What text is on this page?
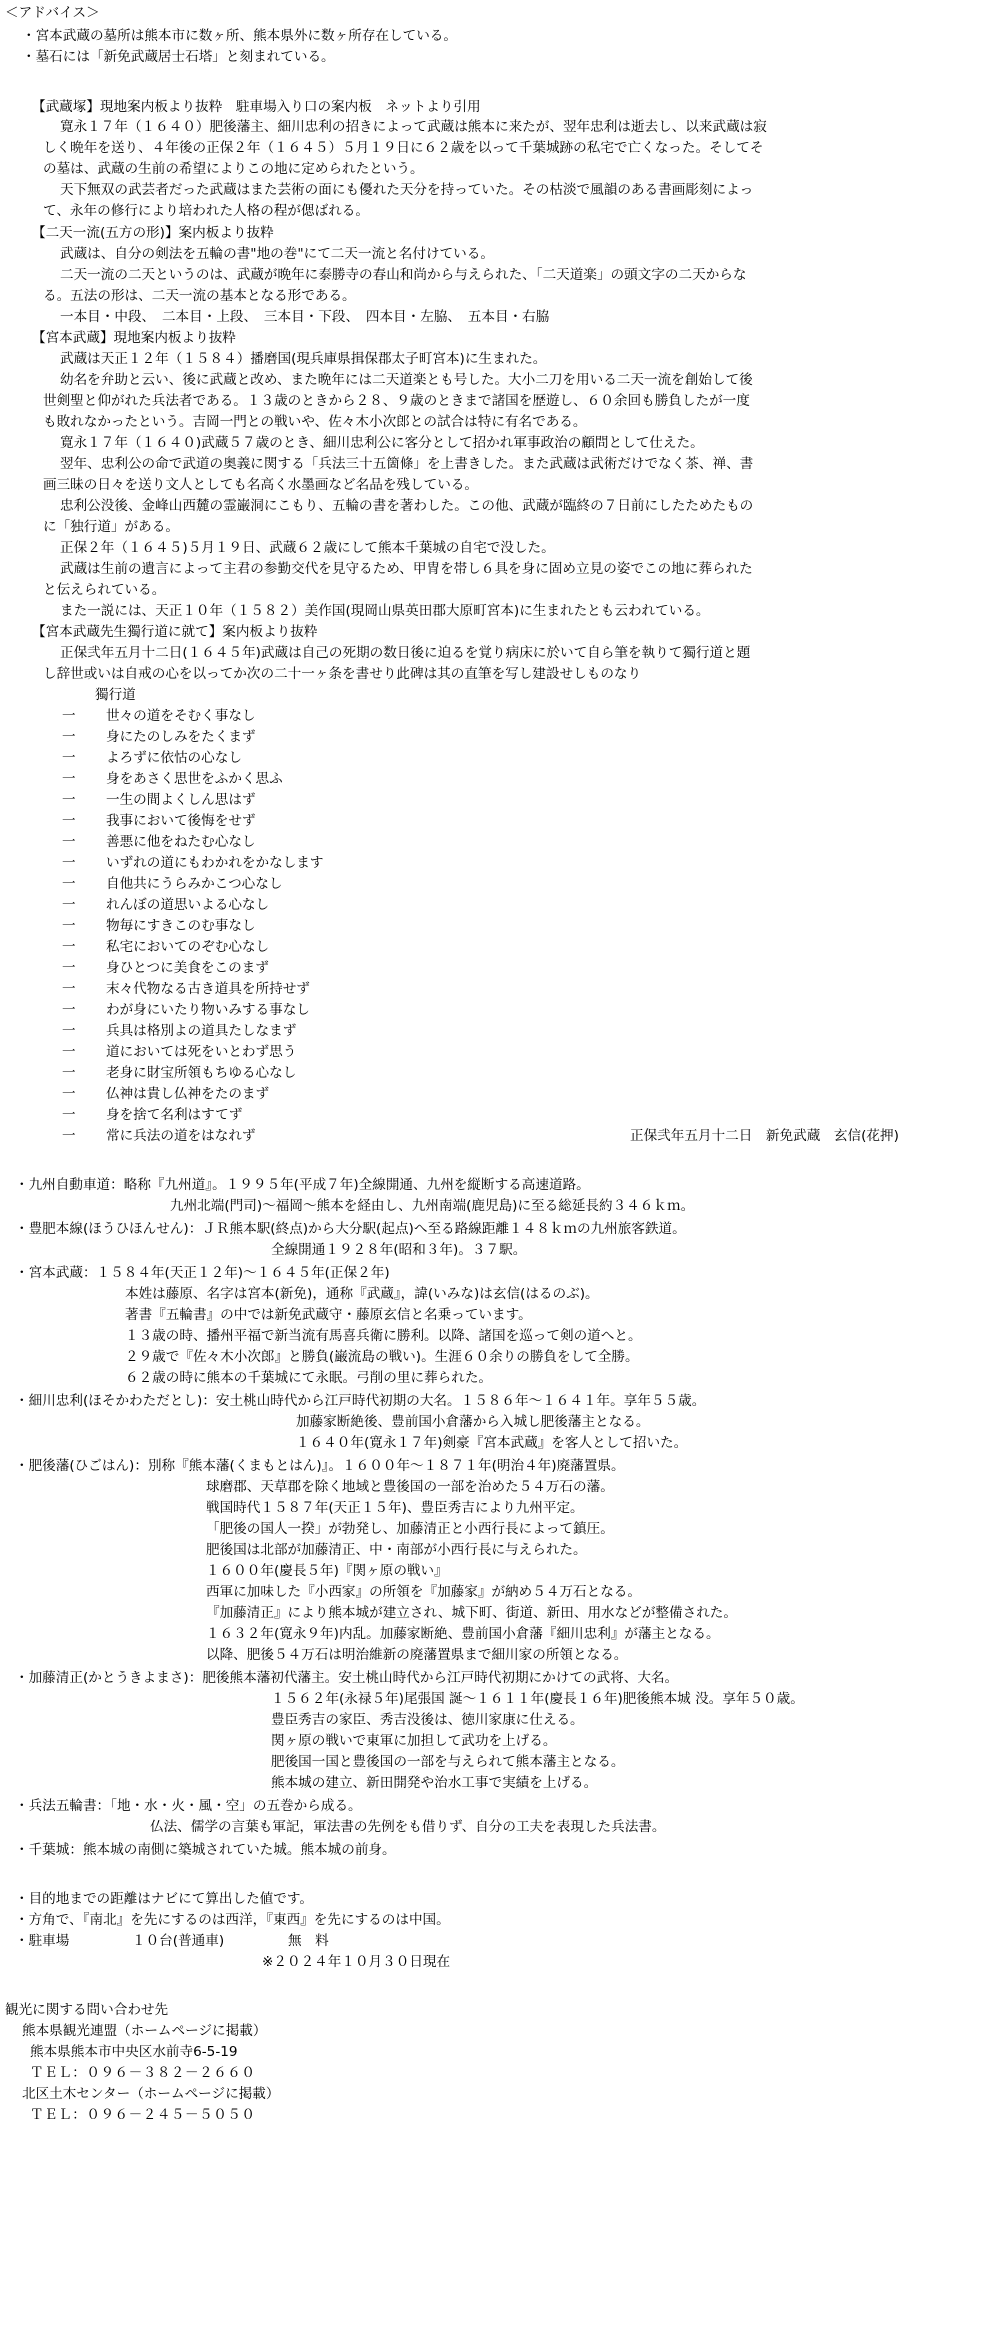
＜アドバイス＞
・宮本武蔵の墓所は熊本市に数ヶ所、熊本県外に数ヶ所存在している。
・墓石には「新免武蔵居士石塔」と刻まれている。
【武蔵塚】現地案内板より抜粋　駐車場入り口の案内板　ネットより引用
寛永１７年（１６４０）肥後藩主、細川忠利の招きによって武蔵は熊本に来たが、翌年忠利は逝去し、以来武蔵は寂
しく晩年を送り、４年後の正保２年（１６４５）５月１９日に６２歳を以って千葉城跡の私宅で亡くなった。そしてそ
の墓は、武蔵の生前の希望によりこの地に定められたという。
天下無双の武芸者だった武蔵はまた芸術の面にも優れた天分を持っていた。その枯淡で風韻のある書画彫刻によっ
て、永年の修行により培われた人格の程が偲ばれる。
【二天一流(五方の形)】案内板より抜粋
武蔵は、自分の剣法を五輪の書"地の巻"にて二天一流と名付けている。
二天一流の二天というのは、武蔵が晩年に泰勝寺の春山和尚から与えられた、「二天道楽」の頭文字の二天からな
る。五法の形は、二天一流の基本となる形である。
一本目・中段、　二本目・上段、　三本目・下段、　四本目・左脇、　五本目・右脇
【宮本武蔵】現地案内板より抜粋
武蔵は天正１２年（１５８４）播磨国(現兵庫県揖保郡太子町宮本)に生まれた。
幼名を弁助と云い、後に武蔵と改め、また晩年には二天道楽とも号した。大小二刀を用いる二天一流を創始して後
世剣聖と仰がれた兵法者である。１３歳のときから２８、９歳のときまで諸国を歴遊し、６０余回も勝負したが一度
も敗れなかったという。吉岡一門との戦いや、佐々木小次郎との試合は特に有名である。
寛永１７年（１６４０)武蔵５７歳のとき、細川忠利公に客分として招かれ軍事政治の顧問として仕えた。
翌年、忠利公の命で武道の奥義に関する「兵法三十五箇條」を上書きした。また武蔵は武術だけでなく茶、禅、書
画三昧の日々を送り文人としても名高く水墨画など名品を残している。
忠利公没後、金峰山西麓の霊巌洞にこもり、五輪の書を著わした。この他、武蔵が臨終の７日前にしたためたもの
に「独行道」がある。
正保２年（１６４５)５月１９日、武蔵６２歳にして熊本千葉城の自宅で没した。
武蔵は生前の遺言によって主君の参勤交代を見守るため、甲冑を帯し６具を身に固め立見の姿でこの地に葬られた
と伝えられている。
また一説には、天正１０年（１５８２）美作国(現岡山県英田郡大原町宮本)に生まれたとも云われている。
【宮本武蔵先生獨行道に就て】案内板より抜粋
正保弐年五月十二日(１６４５年)武蔵は自己の死期の数日後に迫るを覚り病床に於いて自ら筆を執りて獨行道と題
し辞世或いは自戒の心を以ってか次の二十一ヶ条を書せり此碑は其の直筆を写し建設せしものなり
獨行道
一 世々の道をそむく事なし
一 身にたのしみをたくまず
一 よろずに依怙の心なし
一 身をあさく思世をふかく思ふ
一 一生の間よくしん思はず
一 我事において後悔をせず
一 善悪に他をねたむ心なし
一 いずれの道にもわかれをかなします
一 自他共にうらみかこつ心なし
一 れんぼの道思いよる心なし
一 物毎にすきこのむ事なし
一 私宅においてのぞむ心なし
一 身ひとつに美食をこのまず
一 末々代物なる古き道具を所持せず
一 わが身にいたり物いみする事なし
一 兵具は格別よの道具たしなまず
一 道においては死をいとわず思う
一 老身に財宝所領もちゆる心なし
一 仏神は貴し仏神をたのまず
一 身を捨て名利はすてず
一 常に兵法の道をはなれず	正保弐年五月十二日　新免武蔵　玄信(花押)
・九州自動車道：略称『九州道』。１９９５年(平成７年)全線開通、九州を縦断する高速道路。
九州北端(門司)～福岡～熊本を経由し、九州南端(鹿児島)に至る総延長約３４６ｋｍ。
・豊肥本線(ほうひほんせん)：ＪＲ熊本駅(終点)から大分駅(起点)へ至る路線距離１４８ｋｍの九州旅客鉄道。
全線開通１９２８年(昭和３年)。３７駅。
・宮本武蔵：１５８４年(天正１２年)～１６４５年(正保２年)
本姓は藤原、名字は宮本(新免)，通称『武蔵』，諱(いみな)は玄信(はるのぶ)。
著書『五輪書』の中では新免武蔵守・藤原玄信と名乗っています。
１３歳の時、播州平福で新当流有馬喜兵衛に勝利。以降、諸国を巡って剣の道へと。
２９歳で『佐々木小次郎』と勝負(巌流島の戦い)。生涯６０余りの勝負をして全勝。
６２歳の時に熊本の千葉城にて永眠。弓削の里に葬られた。
・細川忠利(ほそかわただとし)：安土桃山時代から江戸時代初期の大名。１５８６年～１６４１年。享年５５歳。
加藤家断絶後、豊前国小倉藩から入城し肥後藩主となる。
１６４０年(寛永１７年)剣豪『宮本武蔵』を客人として招いた。
・肥後藩(ひごはん)：別称『熊本藩(くまもとはん)』。１６００年～１８７１年(明治４年)廃藩置県。
球磨郡、天草郡を除く地域と豊後国の一部を治めた５４万石の藩。
戦国時代１５８７年(天正１５年)、豊臣秀吉により九州平定。
「肥後の国人一揆」が勃発し、加藤清正と小西行長によって鎮圧。
肥後国は北部が加藤清正、中・南部が小西行長に与えられた。
１６００年(慶長５年)『関ヶ原の戦い』
西軍に加味した『小西家』の所領を『加藤家』が納め５４万石となる。
『加藤清正』により熊本城が建立され、城下町、街道、新田、用水などが整備された。
１６３２年(寛永９年)内乱。加藤家断絶、豊前国小倉藩『細川忠利』が藩主となる。
以降、肥後５４万石は明治維新の廃藩置県まで細川家の所領となる。
・加藤清正(かとうきよまさ)：肥後熊本藩初代藩主。安土桃山時代から江戸時代初期にかけての武将、大名。
１５６２年(永禄５年)尾張国 誕～１６１１年(慶長１６年)肥後熊本城 没。享年５０歳。
豊臣秀吉の家臣、秀吉没後は、徳川家康に仕える。
関ヶ原の戦いで東軍に加担して武功を上げる。
肥後国一国と豊後国の一部を与えられて熊本藩主となる。
熊本城の建立、新田開発や治水工事で実績を上げる。
・兵法五輪書：「地・水・火・風・空」の五巻から成る。
仏法、儒学の言葉も軍記，軍法書の先例をも借りず、自分の工夫を表現した兵法書。
・千葉城：熊本城の南側に築城されていた城。熊本城の前身。
・目的地までの距離はナビにて算出した値です。
・方角で、『南北』を先にするのは西洋，『東西』を先にするのは中国。
・駐車場	１０台(普通車)	無　料
※２０２４年１０月３０日現在
観光に関する問い合わせ先
熊本県観光連盟（ホームページに掲載）
熊本県熊本市中央区水前寺6-5-19
ＴＥＬ：０９６－３８２－２６６０
北区土木センター（ホームページに掲載）
ＴＥＬ：０９６－２４５－５０５０
